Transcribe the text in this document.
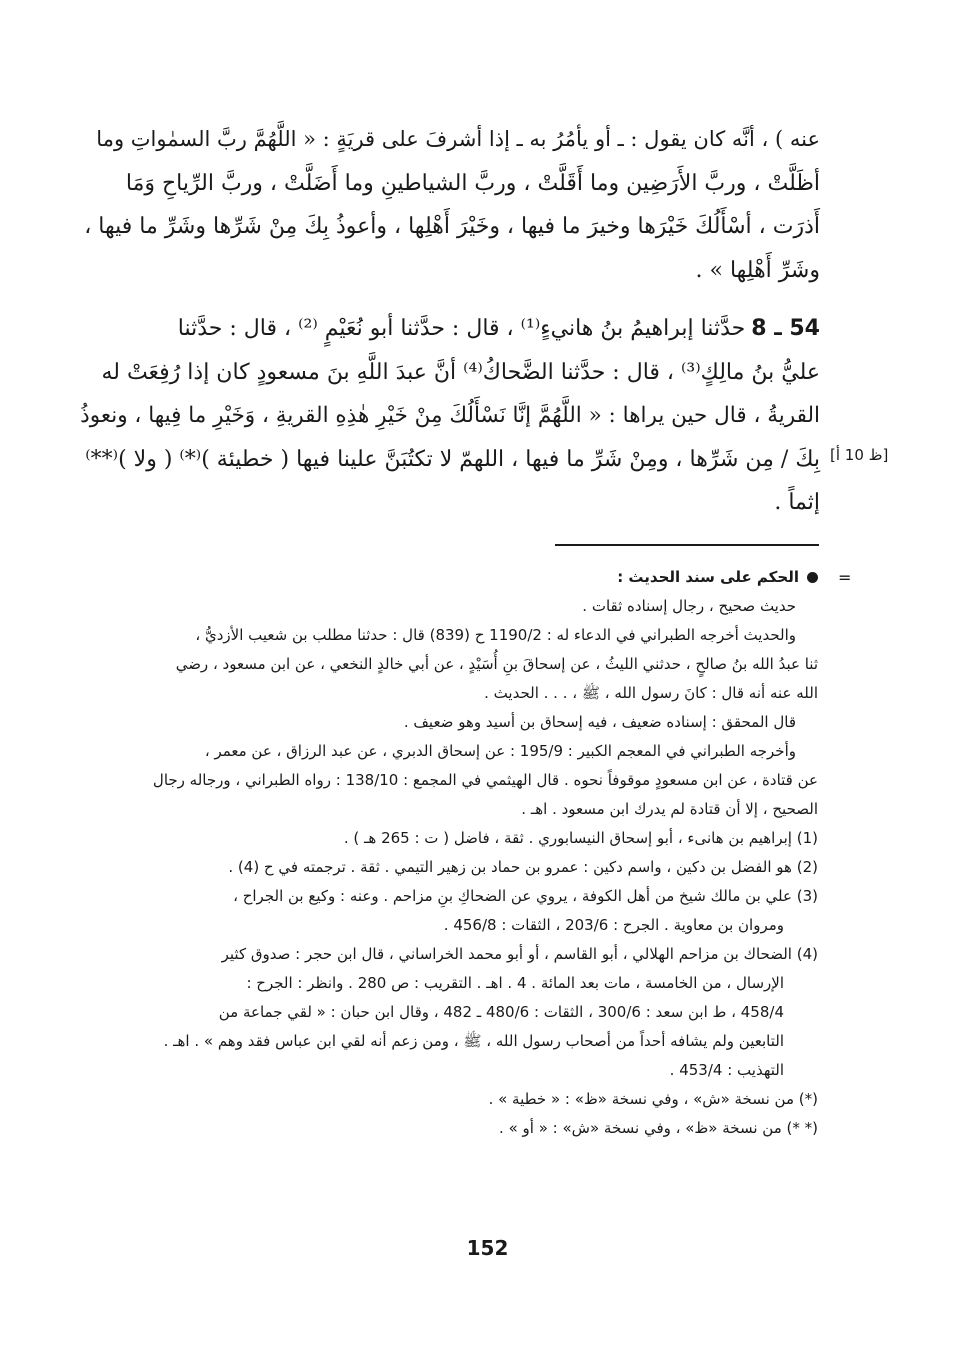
عنه ) ، أنَّه كان يقول : ـ أو يأمُرُ به ـ إذا أشرفَ على قريَةٍ : « اللَّهُمَّ ربَّ السمٰواتِ وما
أظَلَّتْ ، وربَّ الأَرَضِين وما أَقَلَّتْ ، وربَّ الشياطينِ وما أَضَلَّتْ ، وربَّ الرِّياحِ وَمَا
أَذرَت ، أسْأَلُكَ خَيْرَها وخيرَ ما فيها ، وخَيْرَ أَهْلِها ، وأعوذُ بِكَ مِنْ شَرِّها وشَرِّ ما فيها ،
وشَرِّ أَهْلِها » .
54 ـ 8حدَّثنا إبراهيمُ بنُ هانيءٍ⁽¹⁾ ، قال : حدَّثنا أبو نُعَيْمٍ ⁽²⁾ ، قال : حدَّثنا
عليُّ بنُ مالِكٍ⁽³⁾ ، قال : حدَّثنا الضَّحاكُ⁽⁴⁾ أنَّ عبدَ اللَّهِ بنَ مسعودٍ كان إذا رُفِعَتْ له
القريةُ ، قال حين يراها : « اللَّهُمَّ إنَّا نَسْأَلُكَ مِنْ خَيْرِ هٰذِهِ القريةِ ، وَخَيْرِ ما فِيها ، ونعوذُ
بِكَ / مِن شَرِّها ، ومِنْ شَرِّ ما فيها ، اللهمّ لا تكتُبَنَّ علينا فيها ( خطيئة )⁽*⁾ ( ولا )⁽**⁾
إثماً .
[ظ 10 أ]
=
الحكم على سند الحديث :
حديث صحيح ، رجال إسناده ثقات .
والحديث أخرجه الطبراني في الدعاء له : 1190/2 ح (839) قال : حدثنا مطلب بن شعيب الأزديُّ ،
ثنا عبدُ الله بنُ صالحٍ ، حدثني الليثُ ، عن إسحاقَ بنِ أُسَيْدٍ ، عن أبي خالدٍ النخعي ، عن ابن مسعود ، رضي
الله عنه أنه قال : كانَ رسول الله ، ﷺ ، . . . الحديث .
قال المحقق : إسناده ضعيف ، فيه إسحاق بن أسيد وهو ضعيف .
وأخرجه الطبراني في المعجم الكبير : 195/9 : عن إسحاق الدبري ، عن عبد الرزاق ، عن معمر ،
عن قتادة ، عن ابن مسعودٍ موقوفاً نحوه . قال الهيثمي في المجمع : 138/10 : رواه الطبراني ، ورجاله رجال
الصحيح ، إلا أن قتادة لم يدرك ابن مسعود . اهـ .
(1) إبراهيم بن هانىء ، أبو إسحاق النيسابوري . ثقة ، فاضل ( ت : 265 هـ ) .
(2) هو الفضل بن دكين ، واسم دكين : عمرو بن حماد بن زهير التيمي . ثقة . ترجمته في ح (4) .
(3) علي بن مالك شيخ من أهل الكوفة ، يروي عن الضحاكِ بنِ مزاحم . وعنه : وكيع بن الجراح ،
ومروان بن معاوية . الجرح : 203/6 ، الثقات : 456/8 .
(4) الضحاك بن مزاحم الهلالي ، أبو القاسم ، أو أبو محمد الخراساني ، قال ابن حجر : صدوق كثير
الإرسال ، من الخامسة ، مات بعد المائة . 4 . اهـ . التقريب : ص 280 . وانظر : الجرح :
458/4 ، ط ابن سعد : 300/6 ، الثقات : 480/6 ـ 482 ، وقال ابن حبان : « لقي جماعة من
التابعين ولم يشافه أحداً من أصحاب رسول الله ، ﷺ ، ومن زعم أنه لقي ابن عباس فقد وهم » . اهـ .
التهذيب : 453/4 .
(*) من نسخة «ش» ، وفي نسخة «ظ» : « خطية » .
(* *) من نسخة «ظ» ، وفي نسخة «ش» : « أو » .
152
